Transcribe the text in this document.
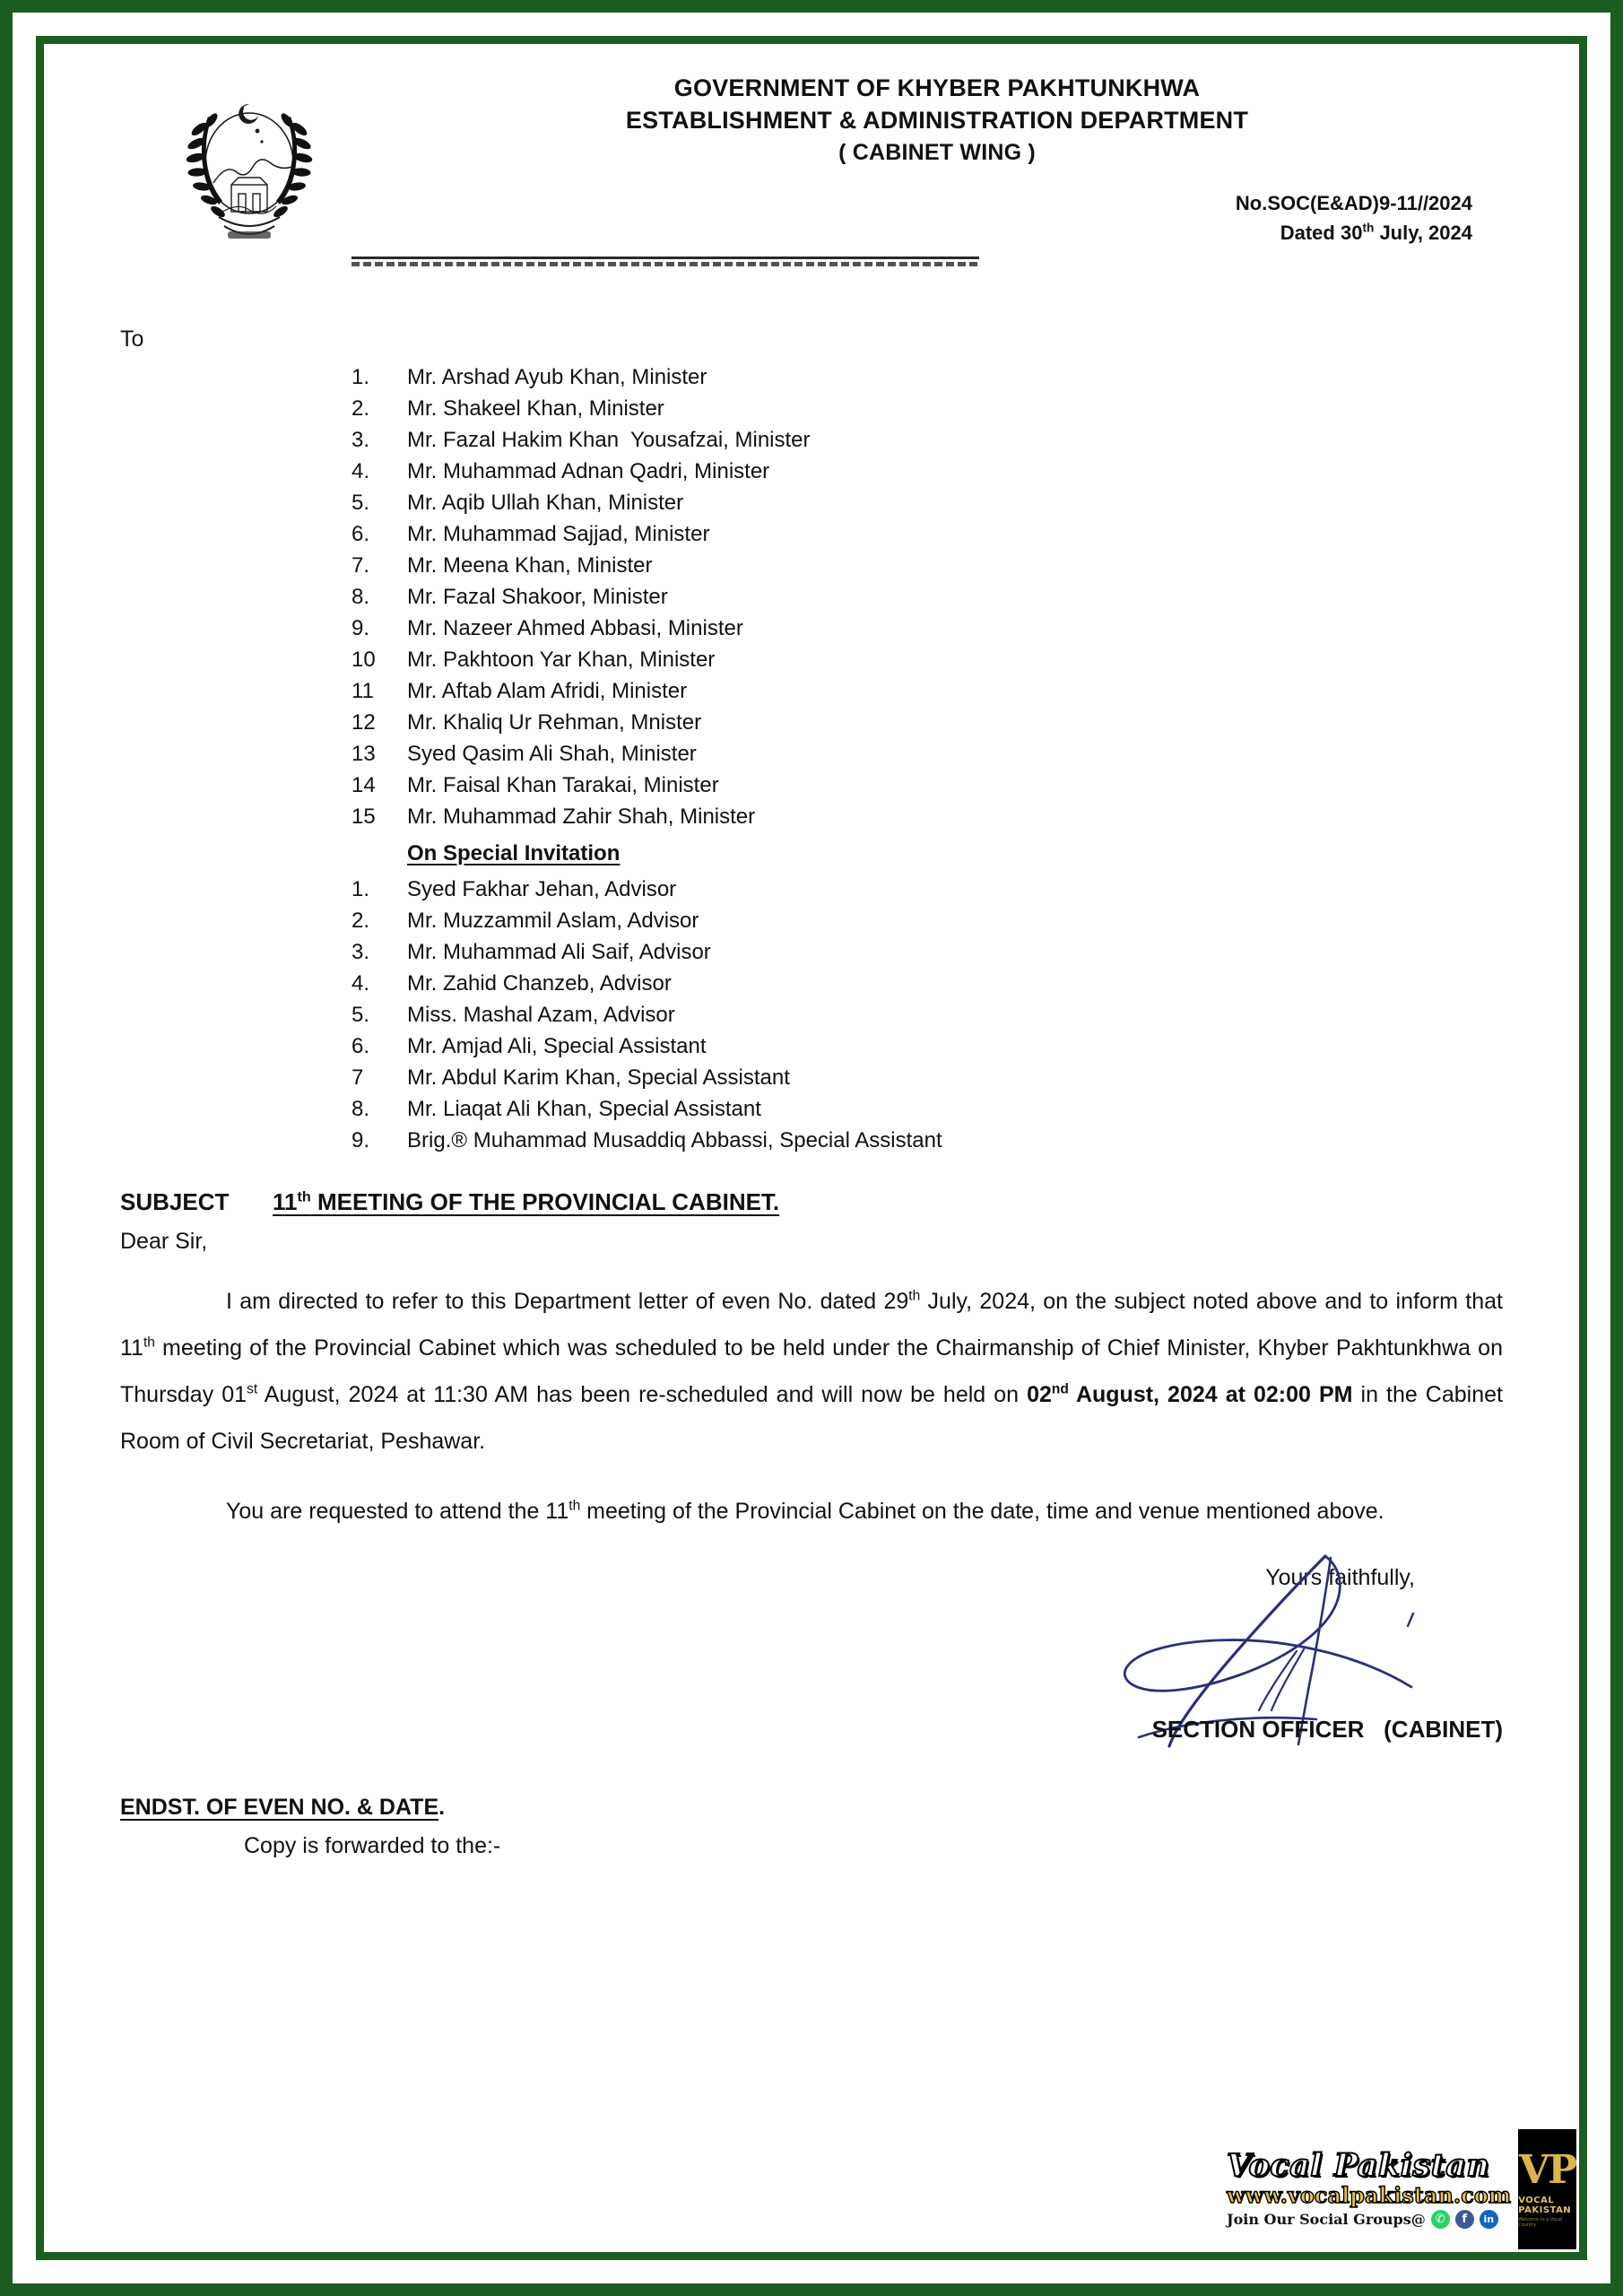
GOVERNMENT OF KHYBER PAKHTUNKHWA
ESTABLISHMENT & ADMINISTRATION DEPARTMENT
( CABINET WING )
No.SOC(E&AD)9-11//2024
Dated 30th July, 2024
To
1.	Mr. Arshad Ayub Khan, Minister
2.	Mr. Shakeel Khan, Minister
3.	Mr. Fazal Hakim Khan  Yousafzai, Minister
4.	Mr. Muhammad Adnan Qadri, Minister
5.	Mr. Aqib Ullah Khan, Minister
6.	Mr. Muhammad Sajjad, Minister
7.	Mr. Meena Khan, Minister
8.	Mr. Fazal Shakoor, Minister
9.	Mr. Nazeer Ahmed Abbasi, Minister
10	Mr. Pakhtoon Yar Khan, Minister
11	Mr. Aftab Alam Afridi, Minister
12	Mr. Khaliq Ur Rehman, Mnister
13	Syed Qasim Ali Shah, Minister
14	Mr. Faisal Khan Tarakai, Minister
15	Mr. Muhammad Zahir Shah, Minister
On Special Invitation
1.	Syed Fakhar Jehan, Advisor
2.	Mr. Muzzammil Aslam, Advisor
3.	Mr. Muhammad Ali Saif, Advisor
4.	Mr. Zahid Chanzeb, Advisor
5.	Miss. Mashal Azam, Advisor
6.	Mr. Amjad Ali, Special Assistant
7	Mr. Abdul Karim Khan, Special Assistant
8.	Mr. Liaqat Ali Khan, Special Assistant
9.	Brig.® Muhammad Musaddiq Abbassi, Special Assistant
SUBJECT	11th MEETING OF THE PROVINCIAL CABINET.
Dear Sir,
I am directed to refer to this Department letter of even No. dated 29th July, 2024, on the subject noted above and to inform that 11th meeting of the Provincial Cabinet which was scheduled to be held under the Chairmanship of Chief Minister, Khyber Pakhtunkhwa on Thursday 01st August, 2024 at 11:30 AM has been re-scheduled and will now be held on 02nd August, 2024 at 02:00 PM in the Cabinet Room of Civil Secretariat, Peshawar.
You are requested to attend the 11th meeting of the Provincial Cabinet on the date, time and venue mentioned above.
Yours faithfully,
SECTION OFFICER   (CABINET)
ENDST. OF EVEN NO. & DATE.
Copy is forwarded to the:-
Vocal Pakistan
www.vocalpakistan.com
Join Our Social Groups@ ✆	f	in
VP
VOCAL PAKISTAN
Welcome to a Vocal Country
